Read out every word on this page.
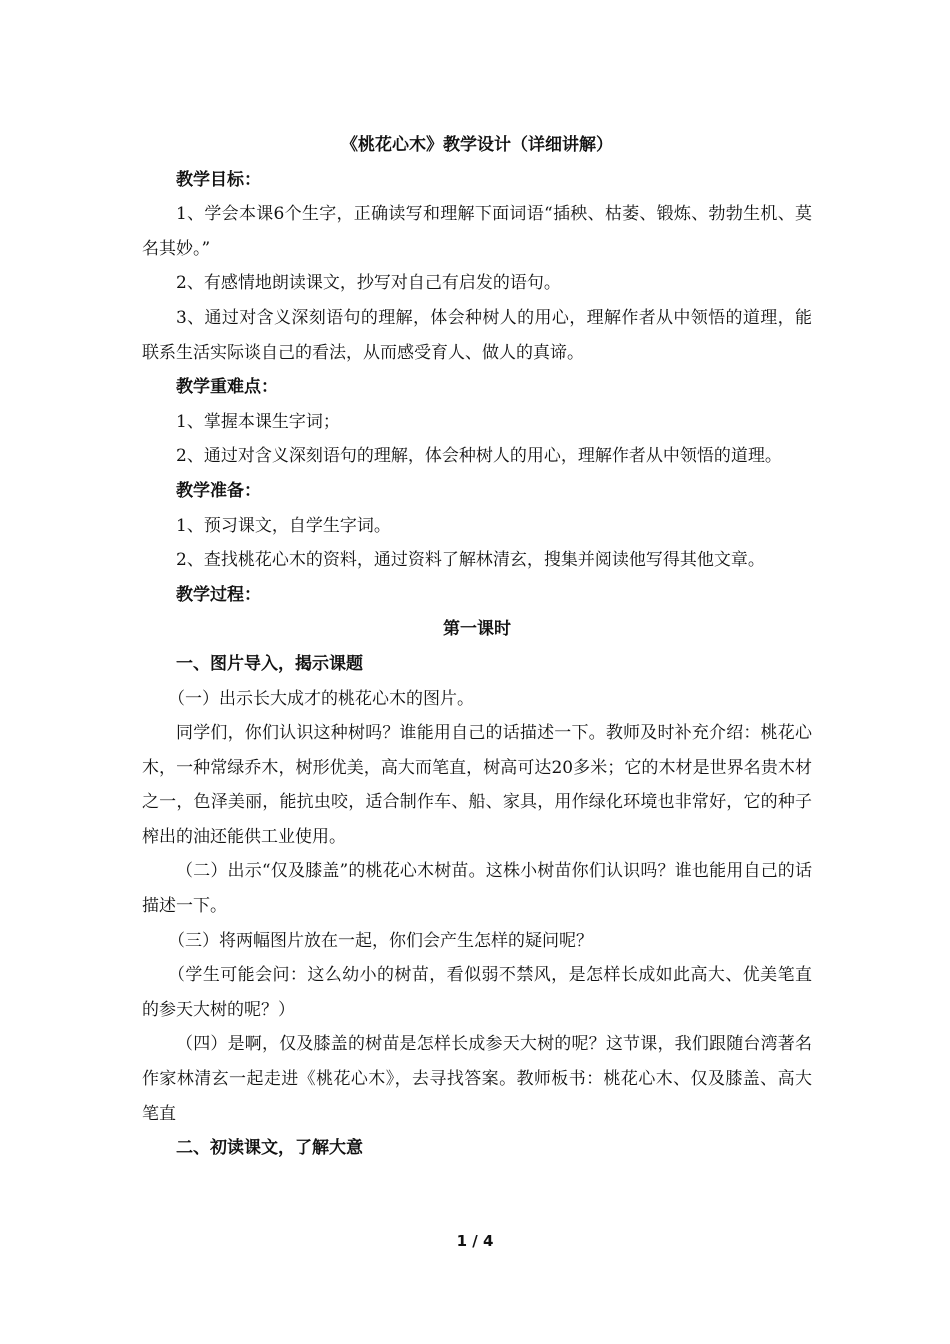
《桃花心木》教学设计（详细讲解）

教学目标：

1、学会本课6个生字，正确读写和理解下面词语“插秧、枯萎、锻炼、勃勃生机、莫名其妙。”

2、有感情地朗读课文，抄写对自己有启发的语句。

3、通过对含义深刻语句的理解，体会种树人的用心，理解作者从中领悟的道理，能联系生活实际谈自己的看法，从而感受育人、做人的真谛。

教学重难点：

1、掌握本课生字词；

2、通过对含义深刻语句的理解，体会种树人的用心，理解作者从中领悟的道理。

教学准备：

1、预习课文，自学生字词。

2、查找桃花心木的资料，通过资料了解林清玄，搜集并阅读他写得其他文章。

教学过程：

第一课时

一、图片导入，揭示课题

（一）出示长大成才的桃花心木的图片。

同学们，你们认识这种树吗？谁能用自己的话描述一下。教师及时补充介绍：桃花心木，一种常绿乔木，树形优美，高大而笔直，树高可达20多米；它的木材是世界名贵木材之一，色泽美丽，能抗虫咬，适合制作车、船、家具，用作绿化环境也非常好，它的种子榨出的油还能供工业使用。

（二）出示“仅及膝盖”的桃花心木树苗。这株小树苗你们认识吗？谁也能用自己的话描述一下。

（三）将两幅图片放在一起，你们会产生怎样的疑问呢？

（学生可能会问：这么幼小的树苗，看似弱不禁风，是怎样长成如此高大、优美笔直的参天大树的呢？）

（四）是啊，仅及膝盖的树苗是怎样长成参天大树的呢？这节课，我们跟随台湾著名作家林清玄一起走进《桃花心木》，去寻找答案。教师板书：桃花心木、仅及膝盖、高大笔直

二、初读课文，了解大意

1 / 4
